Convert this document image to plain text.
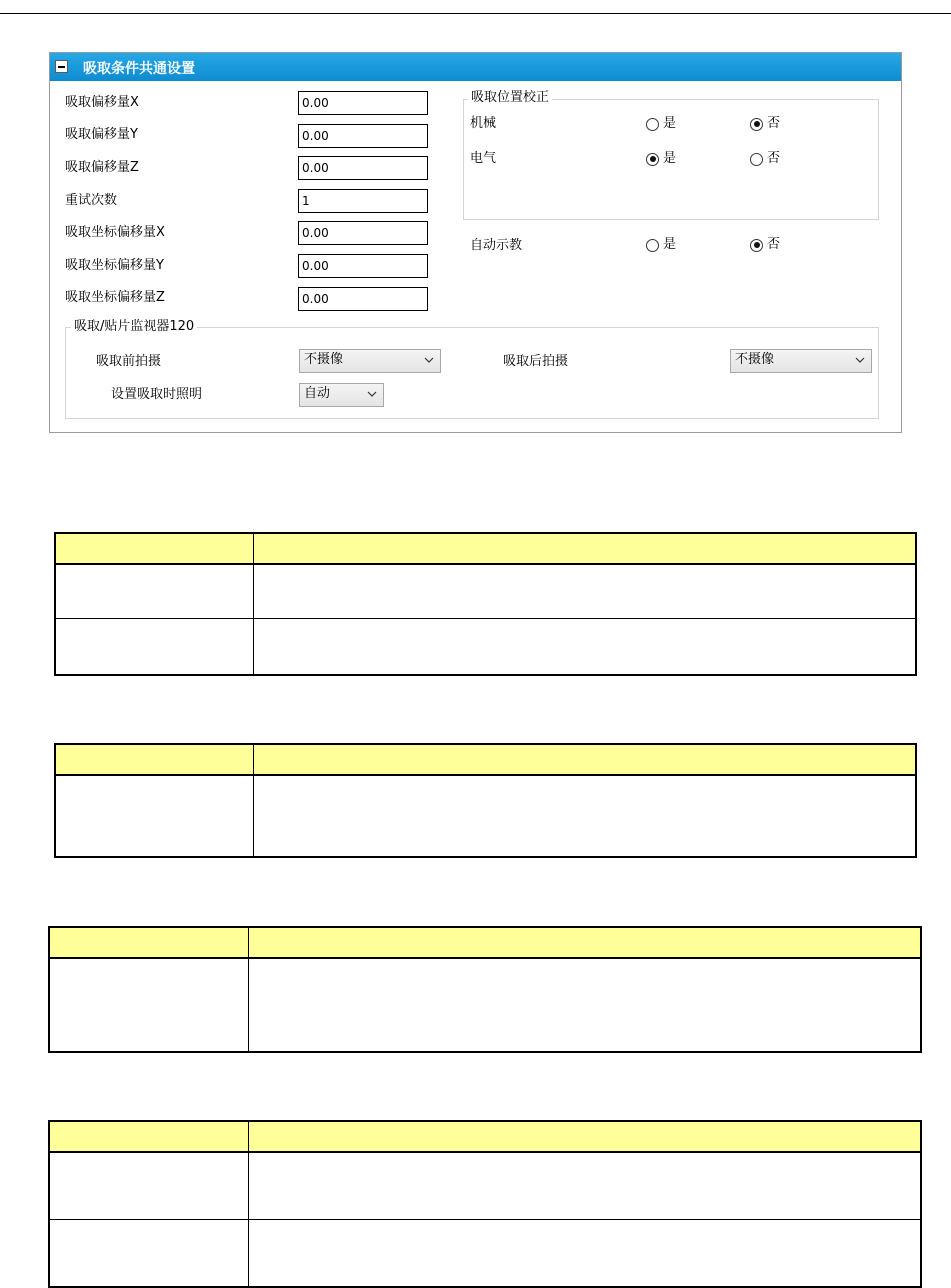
吸取条件共通设置
吸取偏移量X	0.00
吸取偏移量Y	0.00
吸取偏移量Z	0.00
重试次数	1
吸取坐标偏移量X	0.00
吸取坐标偏移量Y	0.00
吸取坐标偏移量Z	0.00
吸取位置校正
机械	是	否
电气	是	否
自动示教	是	否
吸取/贴片监视器120
吸取前拍摄	不摄像	吸取后拍摄	不摄像
设置吸取时照明	自动
